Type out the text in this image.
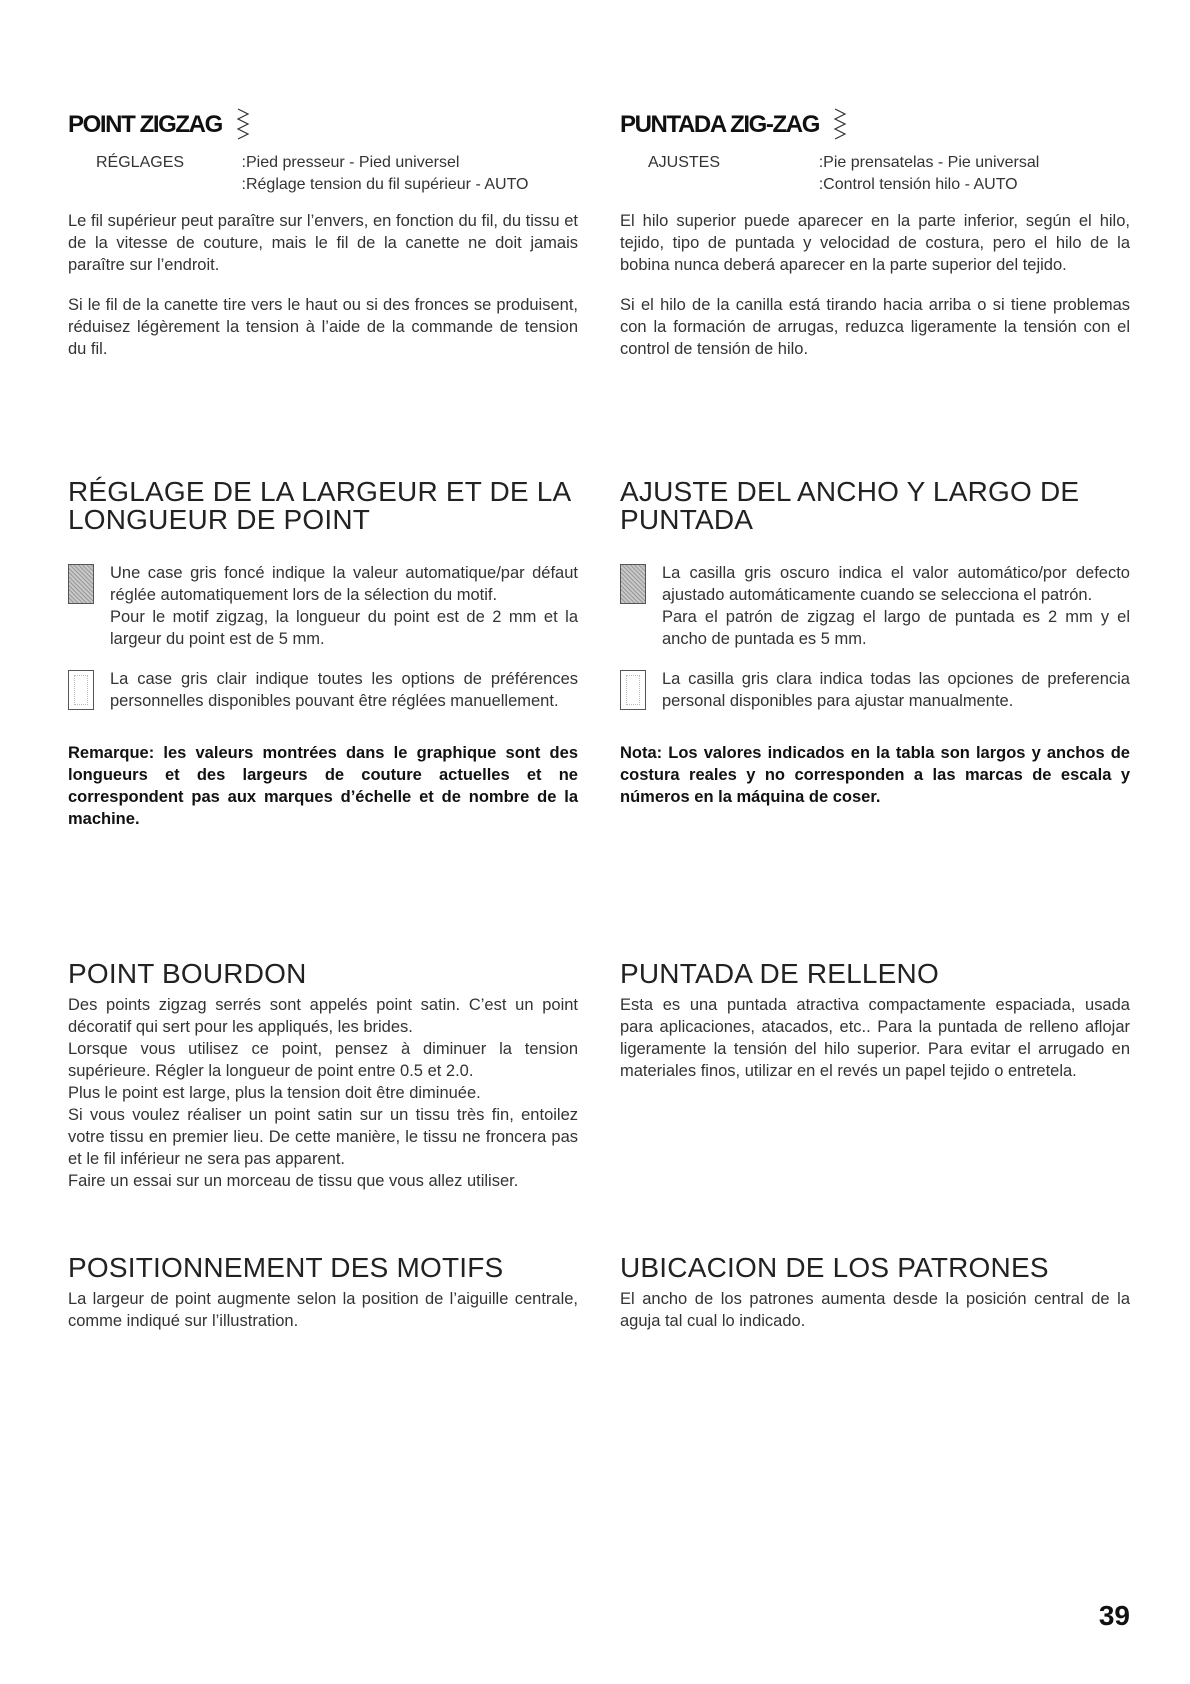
POINT ZIGZAG
RÉGLAGES	:Pied presseur - Pied universel
:Réglage tension du fil supérieur - AUTO

Le fil supérieur peut paraître sur l’envers, en fonction du fil, du tissu et de la vitesse de couture, mais le fil de la canette ne doit jamais paraître sur l’endroit.

Si le fil de la canette tire vers le haut ou si des fronces se produisent, réduisez légèrement la tension à l’aide de la commande de tension du fil.

RÉGLAGE DE LA LARGEUR ET DE LA
LONGUEUR DE POINT

Une case gris foncé indique la valeur automatique/par défaut réglée automatiquement lors de la sélection du motif.

Pour le motif zigzag, la longueur du point est de 2 mm et la largeur du point est de 5 mm.

La case gris clair indique toutes les options de préférences personnelles disponibles pouvant être réglées manuellement.

Remarque: les valeurs montrées dans le graphique sont des longueurs et des largeurs de couture actuelles et ne correspondent pas aux marques d’échelle et de nombre de la machine.

POINT BOURDON

Des points zigzag serrés sont appelés point satin. C’est un point décoratif qui sert pour les appliqués, les brides.

Lorsque vous utilisez ce point, pensez à diminuer la tension supérieure. Régler la longueur de point entre 0.5 et 2.0.

Plus le point est large, plus la tension doit être diminuée.

Si vous voulez réaliser un point satin sur un tissu très fin, entoilez votre tissu en premier lieu. De cette manière, le tissu ne froncera pas et le fil inférieur ne sera pas apparent.

Faire un essai sur un morceau de tissu que vous allez utiliser.

POSITIONNEMENT DES MOTIFS

La largeur de point augmente selon la position de l’aiguille centrale, comme indiqué sur l’illustration.

PUNTADA ZIG-ZAG
AJUSTES	:Pie prensatelas - Pie universal
:Control tensión hilo - AUTO

El hilo superior puede aparecer en la parte inferior, según el hilo, tejido, tipo de puntada y velocidad de costura, pero el hilo de la bobina nunca deberá aparecer en la parte superior del tejido.

Si el hilo de la canilla está tirando hacia arriba o si tiene problemas con la formación de arrugas, reduzca ligeramente la tensión con el control de tensión de hilo.

AJUSTE DEL ANCHO Y LARGO DE
PUNTADA

La casilla gris oscuro indica el valor automático/por defecto ajustado automáticamente cuando se selecciona el patrón.

Para el patrón de zigzag el largo de puntada es 2 mm y el ancho de puntada es 5 mm.

La casilla gris clara indica todas las opciones de preferencia personal disponibles para ajustar manualmente.

Nota: Los valores indicados en la tabla son largos y anchos de costura reales y no corresponden a las marcas de escala y números en la máquina de coser.

PUNTADA DE RELLENO

Esta es una puntada atractiva compactamente espaciada, usada para aplicaciones, atacados, etc.. Para la puntada de relleno aflojar ligeramente la tensión del hilo superior. Para evitar el arrugado en materiales finos, utilizar en el revés un papel tejido o entretela.

UBICACION DE LOS PATRONES

El ancho de los patrones aumenta desde la posición central de la aguja tal cual lo indicado.

39
